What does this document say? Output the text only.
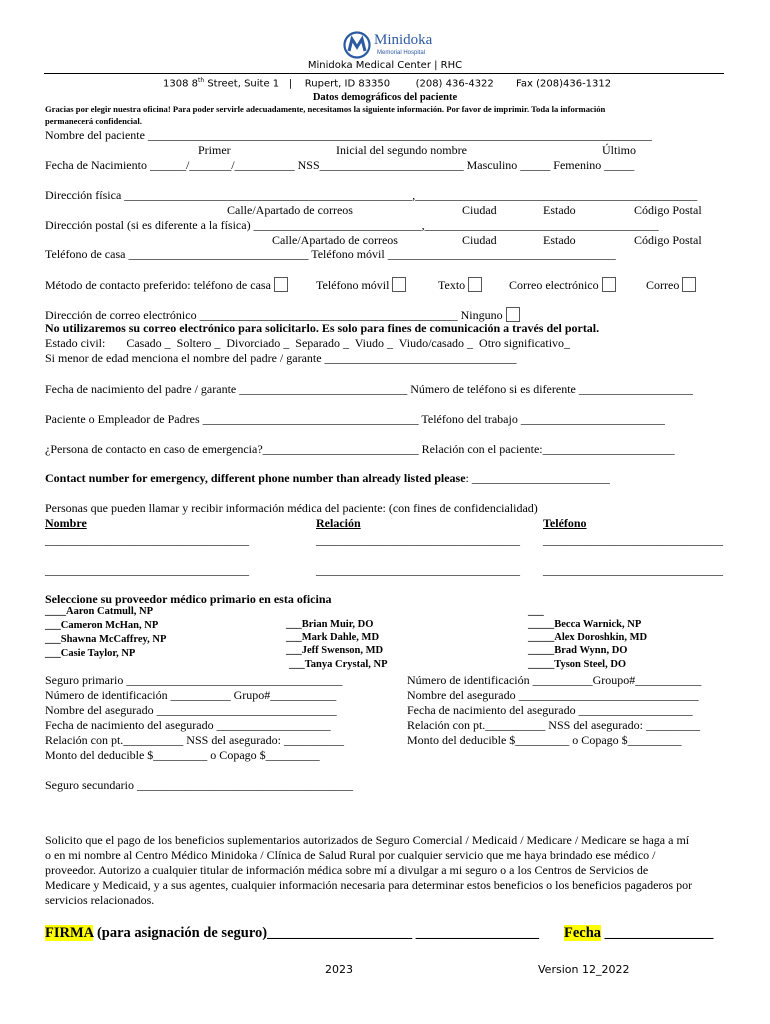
Minidoka
Memorial Hospital
Minidoka Medical Center | RHC
1308 8th Street, Suite 1   |    Rupert, ID 83350        (208) 436-4322       Fax (208)436-1312
Datos demográficos del paciente
Gracias por elegir nuestra oficina! Para poder servirle adecuadamente, necesitamos la siguiente información. Por favor de imprimir. Toda la información
permanecerá confidencial.
Nombre del paciente ____________________________________________________________________________________
Primer	Inicial del segundo nombre	Último
Fecha de Nacimiento ______/_______/__________ NSS________________________ Masculino _____ Femenino _____
Dirección física ________________________________________________,_______________________________________________
Calle/Apartado de correos	Ciudad	Estado	Código Postal
Dirección postal (si es diferente a la física) ____________________________,_______________________________________
Calle/Apartado de correos	Ciudad	Estado	Código Postal
Teléfono de casa ______________________________ Teléfono móvil ______________________________________
Método de contacto preferido: teléfono de casa	Teléfono móvil	Texto	Correo electrónico	Correo
Dirección de correo electrónico ___________________________________________ Ninguno
No utilizaremos su correo electrónico para solicitarlo. Es solo para fines de comunicación a través del portal.
Estado civil:       Casado _  Soltero _  Divorciado _  Separado _  Viudo _  Viudo/casado _  Otro significativo_
Si menor de edad menciona el nombre del padre / garante ________________________________
Fecha de nacimiento del padre / garante ____________________________ Número de teléfono si es diferente ___________________
Paciente o Empleador de Padres ____________________________________ Teléfono del trabajo ________________________
¿Persona de contacto en caso de emergencia?__________________________ Relación con el paciente:______________________
Contact number for emergency, different phone number than already listed please: _______________________
Personas que pueden llamar y recibir información médica del paciente: (con fines de confidencialidad)
Nombre	Relación	Teléfono
__________________________________	__________________________________ ______________________________
__________________________________	__________________________________ ______________________________
Seleccione su proveedor médico primario en esta oficina
____Aaron Catmull, NP
___Cameron McHan, NP
___Shawna McCaffrey, NP
___Casie Taylor, NP
___Brian Muir, DO
___Mark Dahle, MD
___Jeff Swenson, MD
___Tanya Crystal, NP
___
_____Becca Warnick, NP
_____Alex Doroshkin, MD
_____Brad Wynn, DO
_____Tyson Steel, DO
Seguro primario ____________________________________
Número de identificación __________ Grupo#___________
Nombre del asegurado ______________________________
Fecha de nacimiento del asegurado ___________________
Relación con pt.__________ NSS del asegurado: __________
Monto del deducible $_________ o Copago $_________
Número de identificación __________Groupo#___________
Nombre del asegurado ______________________________
Fecha de nacimiento del asegurado ___________________
Relación con pt.__________ NSS del asegurado: _________
Monto del deducible $_________ o Copago $_________
Seguro secundario ____________________________________
Solicito que el pago de los beneficios suplementarios autorizados de Seguro Comercial / Medicaid / Medicare / Medicare se haga a mí
o en mi nombre al Centro Médico Minidoka / Clínica de Salud Rural por cualquier servicio que me haya brindado ese médico /
proveedor. Autorizo a cualquier titular de información médica sobre mí a divulgar a mi seguro o a los Centros de Servicios de
Medicare y Medicaid, y a sus agentes, cualquier información necesaria para determinar estos beneficios o los beneficios pagaderos por
servicios relacionados.
FIRMA (para asignación de seguro)____________________ _________________ Fecha _______________
2023	Version 12_2022
